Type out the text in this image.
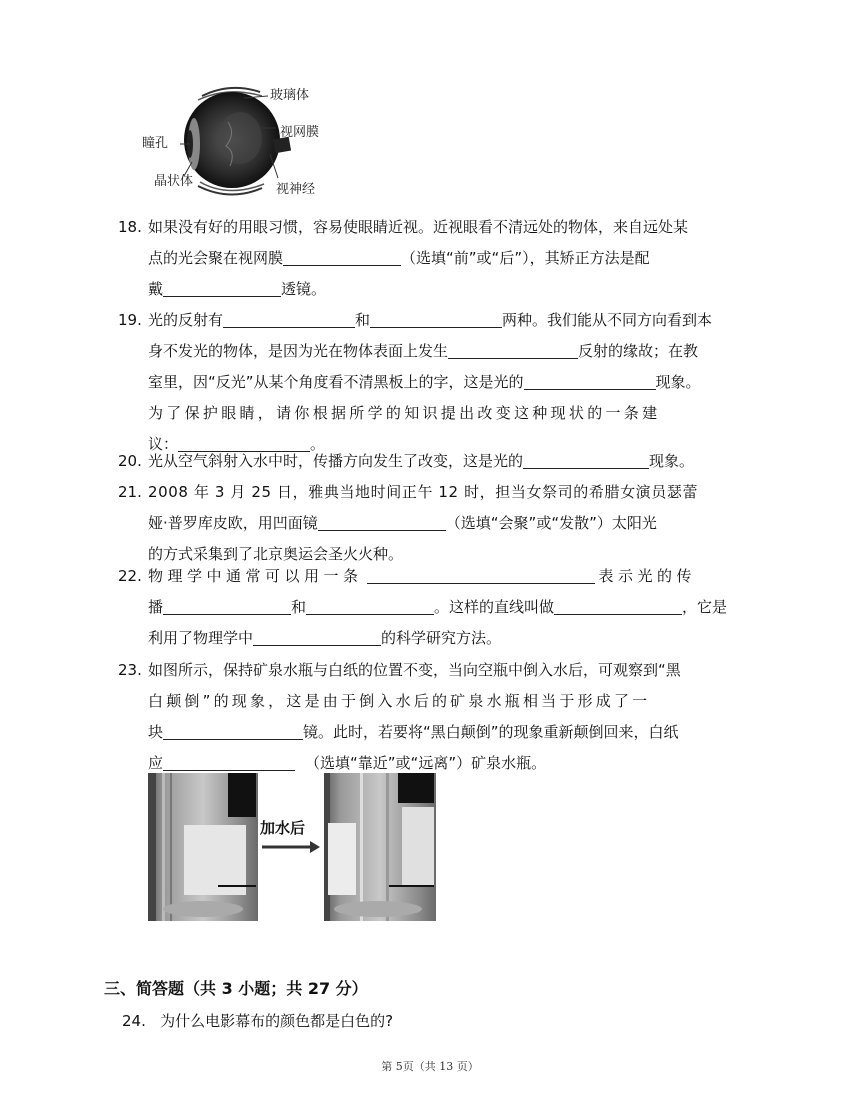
玻璃体
瞳孔
视网膜
晶状体
视神经
18. 如果没有好的用眼习惯，容易使眼睛近视。近视眼看不清远处的物体，来自远处某
点的光会聚在视网膜	（选填“前”或“后”），其矫正方法是配
戴	透镜。
19. 光的反射有	和	两种。我们能从不同方向看到本
身不发光的物体，是因为光在物体表面上发生	反射的缘故；在教
室里，因“反光”从某个角度看不清黑板上的字，这是光的	现象。
为了保护眼睛，请你根据所学的知识提出改变这种现状的一条建
议：	。
20. 光从空气斜射入水中时，传播方向发生了改变，这是光的	现象。
21. 2008 年 3 月 25 日，雅典当地时间正午 12 时，担当女祭司的希腊女演员瑟蕾
娅·普罗库皮欧，用凹面镜	（选填“会聚”或“发散”）太阳光
的方式采集到了北京奥运会圣火火种。
22. 物理学中通常可以用一条	表示光的传
播	和	。这样的直线叫做	，它是
利用了物理学中	的科学研究方法。
23. 如图所示，保持矿泉水瓶与白纸的位置不变，当向空瓶中倒入水后，可观察到“黑
白颠倒”的现象，这是由于倒入水后的矿泉水瓶相当于形成了一
块	镜。此时，若要将“黑白颠倒”的现象重新颠倒回来，白纸
应	（选填“靠近”或“远离”）矿泉水瓶。
加水后
三、简答题（共 3 小题；共 27 分）
24. 为什么电影幕布的颜色都是白色的?
第 5页（共 13 页）
